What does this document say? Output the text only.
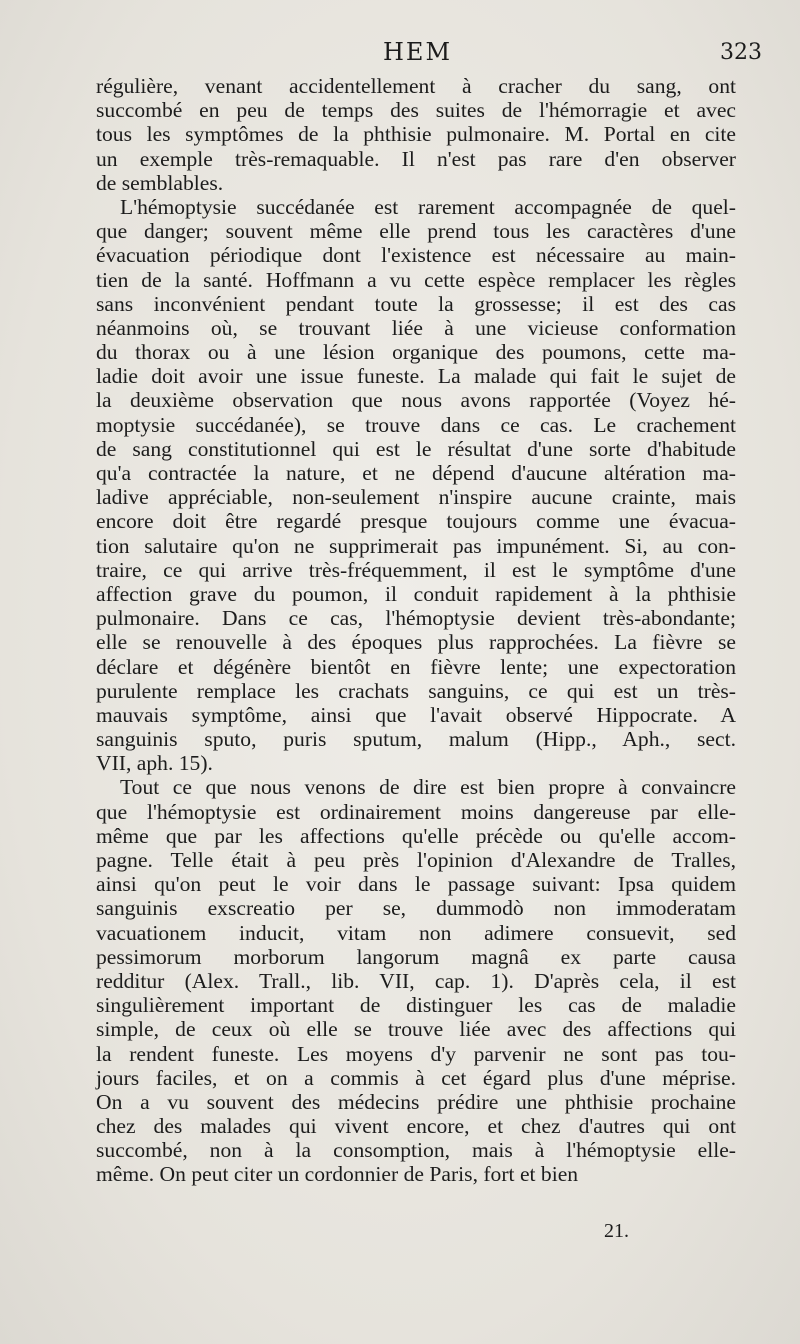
HEM	323
régulière, venant accidentellement à cracher du sang, ont
succombé en peu de temps des suites de l'hémorragie et avec
tous les symptômes de la phthisie pulmonaire. M. Portal en cite
un exemple très-remaquable. Il n'est pas rare d'en observer
de semblables.
L'hémoptysie succédanée est rarement accompagnée de quel-
que danger; souvent même elle prend tous les caractères d'une
évacuation périodique dont l'existence est nécessaire au main-
tien de la santé. Hoffmann a vu cette espèce remplacer les règles
sans inconvénient pendant toute la grossesse; il est des cas
néanmoins où, se trouvant liée à une vicieuse conformation
du thorax ou à une lésion organique des poumons, cette ma-
ladie doit avoir une issue funeste. La malade qui fait le sujet de
la deuxième observation que nous avons rapportée (Voyez hé-
moptysie succédanée), se trouve dans ce cas. Le crachement
de sang constitutionnel qui est le résultat d'une sorte d'habitude
qu'a contractée la nature, et ne dépend d'aucune altération ma-
ladive appréciable, non-seulement n'inspire aucune crainte, mais
encore doit être regardé presque toujours comme une évacua-
tion salutaire qu'on ne supprimerait pas impunément. Si, au con-
traire, ce qui arrive très-fréquemment, il est le symptôme d'une
affection grave du poumon, il conduit rapidement à la phthisie
pulmonaire. Dans ce cas, l'hémoptysie devient très-abondante;
elle se renouvelle à des époques plus rapprochées. La fièvre se
déclare et dégénère bientôt en fièvre lente; une expectoration
purulente remplace les crachats sanguins, ce qui est un très-
mauvais symptôme, ainsi que l'avait observé Hippocrate. A
sanguinis sputo, puris sputum, malum (Hipp., Aph., sect.
VII, aph. 15).
Tout ce que nous venons de dire est bien propre à convaincre
que l'hémoptysie est ordinairement moins dangereuse par elle-
même que par les affections qu'elle précède ou qu'elle accom-
pagne. Telle était à peu près l'opinion d'Alexandre de Tralles,
ainsi qu'on peut le voir dans le passage suivant: Ipsa quidem
sanguinis exscreatio per se, dummodò non immoderatam
vacuationem inducit, vitam non adimere consuevit, sed
pessimorum morborum langorum magnâ ex parte causa
redditur (Alex. Trall., lib. VII, cap. 1). D'après cela, il est
singulièrement important de distinguer les cas de maladie
simple, de ceux où elle se trouve liée avec des affections qui
la rendent funeste. Les moyens d'y parvenir ne sont pas tou-
jours faciles, et on a commis à cet égard plus d'une méprise.
On a vu souvent des médecins prédire une phthisie prochaine
chez des malades qui vivent encore, et chez d'autres qui ont
succombé, non à la consomption, mais à l'hémoptysie elle-
même. On peut citer un cordonnier de Paris, fort et bien
21.
